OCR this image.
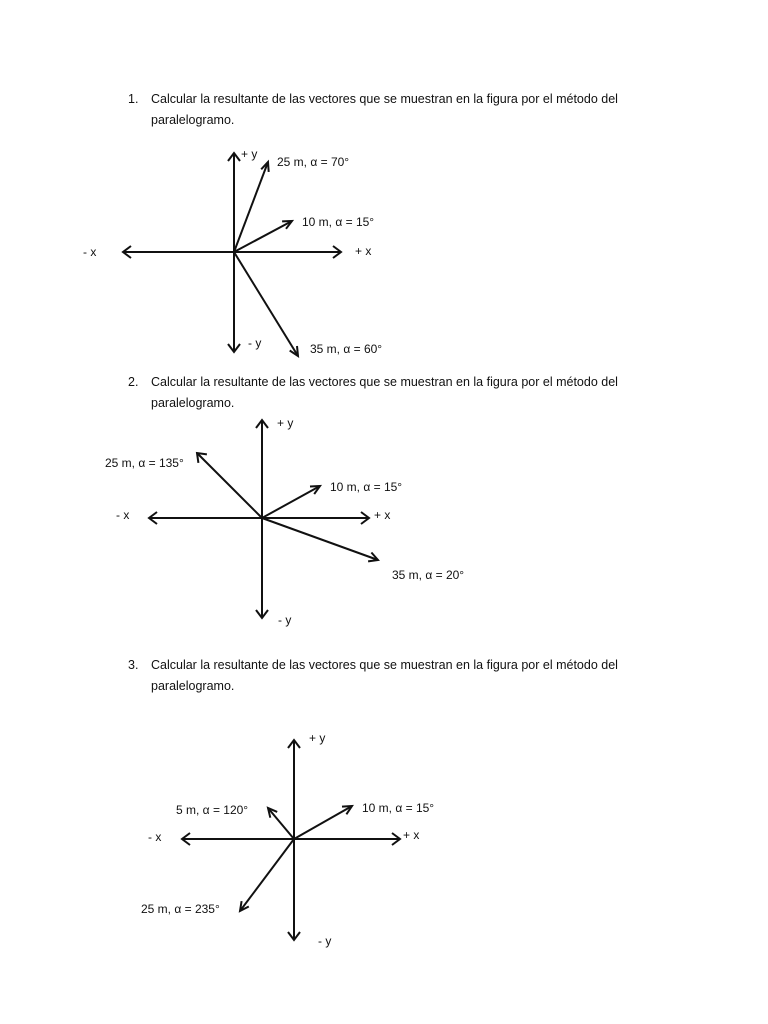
1.	Calcular la resultante de las vectores que se muestran en la figura por el método del paralelogramo.
+ y
- x	+ x
- y
25 m, α = 70°
10 m, α = 15°
35 m, α = 60°
2.	Calcular la resultante de las vectores que se muestran en la figura por el método del paralelogramo.
+ y
- x	+ x
- y
25 m, α = 135°
10 m, α = 15°
35 m, α = 20°
3.	Calcular la resultante de las vectores que se muestran en la figura por el método del paralelogramo.
+ y
- x	+ x
- y
5 m, α = 120°	10 m, α = 15°
25 m, α = 235°
